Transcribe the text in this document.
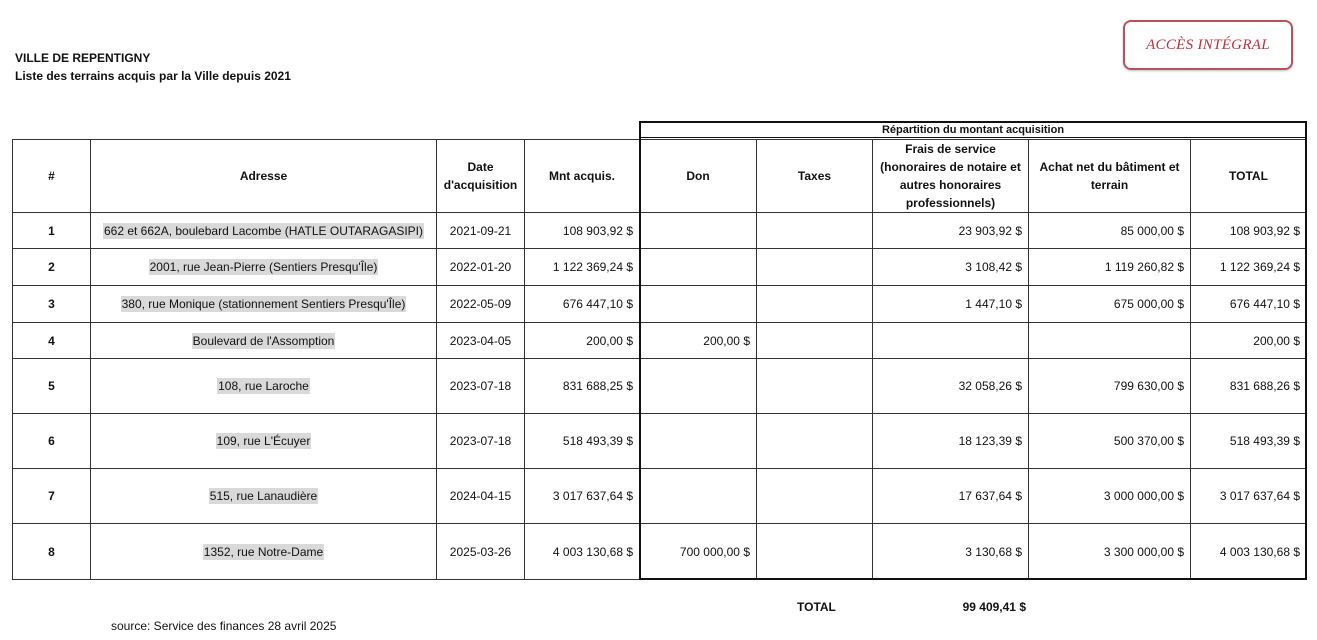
VILLE DE REPENTIGNY
Liste des terrains acquis par la Ville depuis 2021
ACCÈS INTÉGRAL
Répartition du montant acquisition
#	Adresse	Date d'acquisition	Mnt acquis.	Don	Taxes	Frais de service (honoraires de notaire et autres honoraires professionnels)	Achat net du bâtiment et terrain	TOTAL
1	662 et 662A, boulebard Lacombe (HATLE OUTARAGASIPI)	2021-09-21	108 903,92 $			23 903,92 $	85 000,00 $	108 903,92 $
2	2001, rue Jean-Pierre (Sentiers Presqu'Île)	2022-01-20	1 122 369,24 $			3 108,42 $	1 119 260,82 $	1 122 369,24 $
3	380, rue Monique (stationnement Sentiers Presqu'Île)	2022-05-09	676 447,10 $			1 447,10 $	675 000,00 $	676 447,10 $
4	Boulevard de l'Assomption	2023-04-05	200,00 $	200,00 $				200,00 $
5	108, rue Laroche	2023-07-18	831 688,25 $			32 058,26 $	799 630,00 $	831 688,26 $
6	109, rue L'Écuyer	2023-07-18	518 493,39 $			18 123,39 $	500 370,00 $	518 493,39 $
7	515, rue Lanaudière	2024-04-15	3 017 637,64 $			17 637,64 $	3 000 000,00 $	3 017 637,64 $
8	1352, rue Notre-Dame	2025-03-26	4 003 130,68 $	700 000,00 $		3 130,68 $	3 300 000,00 $	4 003 130,68 $
TOTAL	99 409,41 $
source: Service des finances 28 avril 2025
